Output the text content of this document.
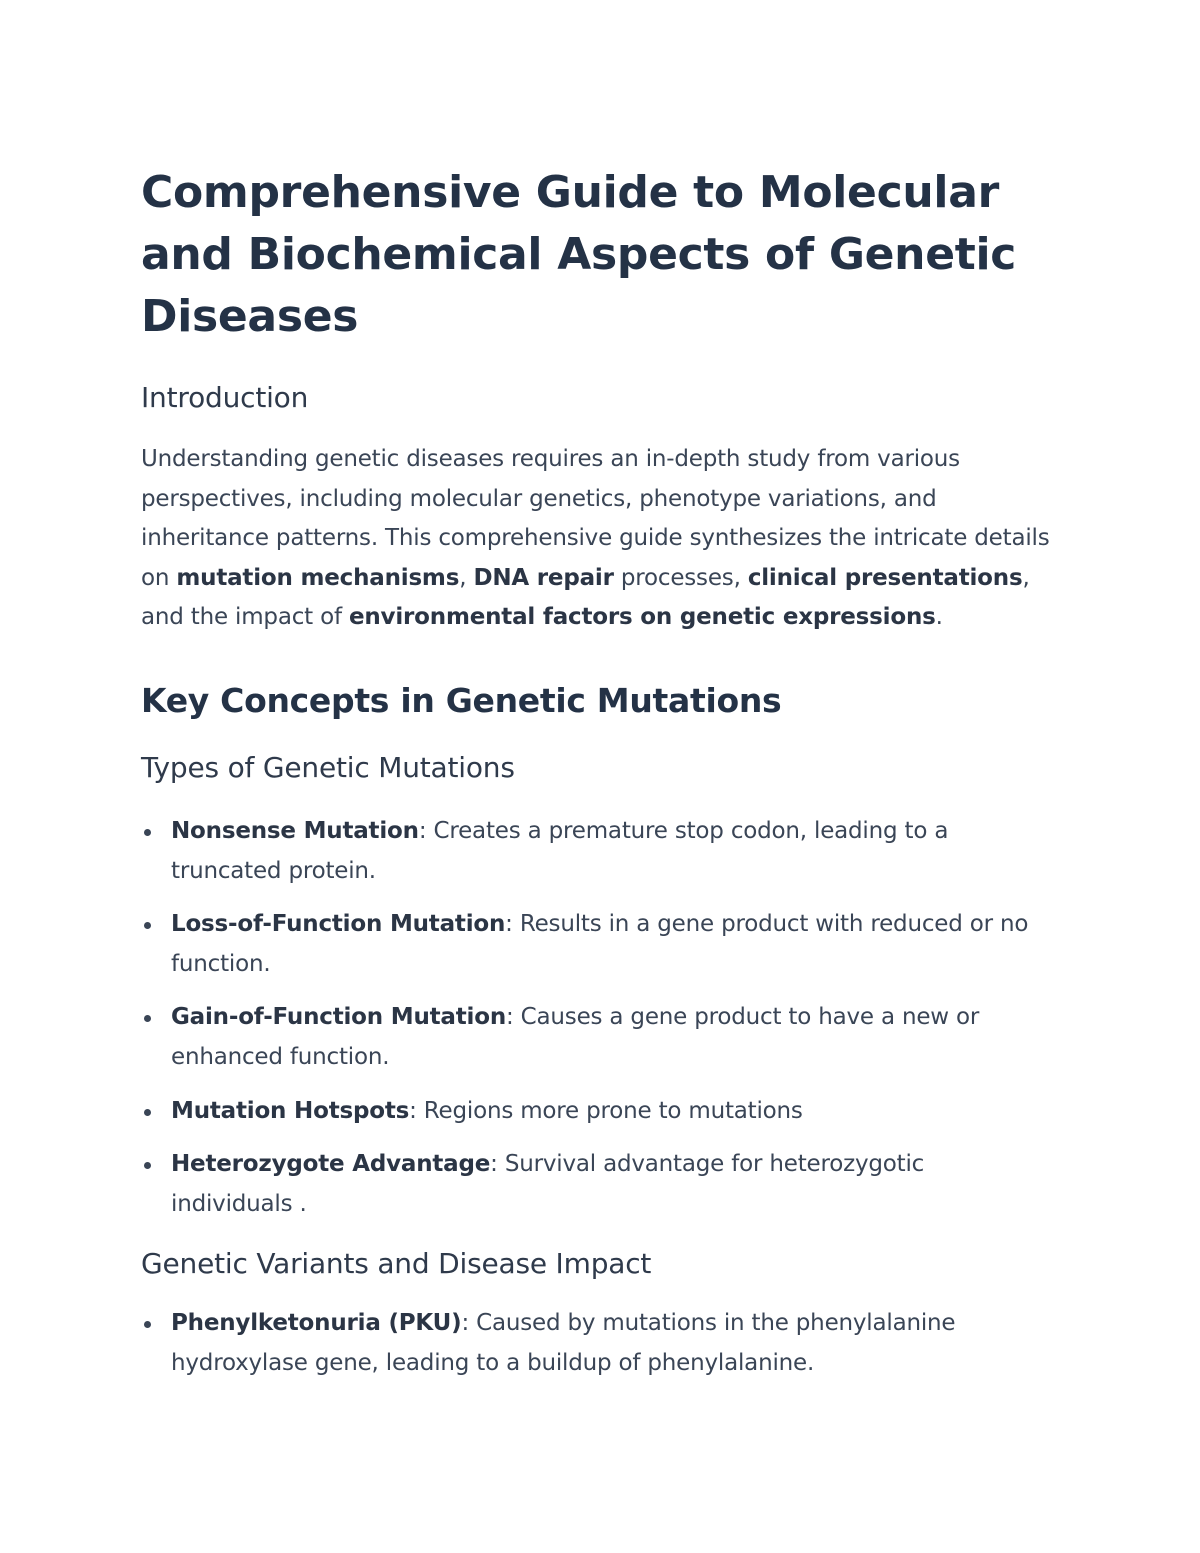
Comprehensive Guide to Molecular and Biochemical Aspects of Genetic Diseases
Introduction

Understanding genetic diseases requires an in-depth study from various perspectives, including molecular genetics, phenotype variations, and inheritance patterns. This comprehensive guide synthesizes the intricate details on mutation mechanisms, DNA repair processes, clinical presentations, and the impact of environmental factors on genetic expressions.

Key Concepts in Genetic Mutations
Types of Genetic Mutations
Nonsense Mutation: Creates a premature stop codon, leading to a truncated protein.
Loss-of-Function Mutation: Results in a gene product with reduced or no function.
Gain-of-Function Mutation: Causes a gene product to have a new or enhanced function.
Mutation Hotspots: Regions more prone to mutations
Heterozygote Advantage: Survival advantage for heterozygotic individuals .
Genetic Variants and Disease Impact
Phenylketonuria (PKU): Caused by mutations in the phenylalanine hydroxylase gene, leading to a buildup of phenylalanine.
